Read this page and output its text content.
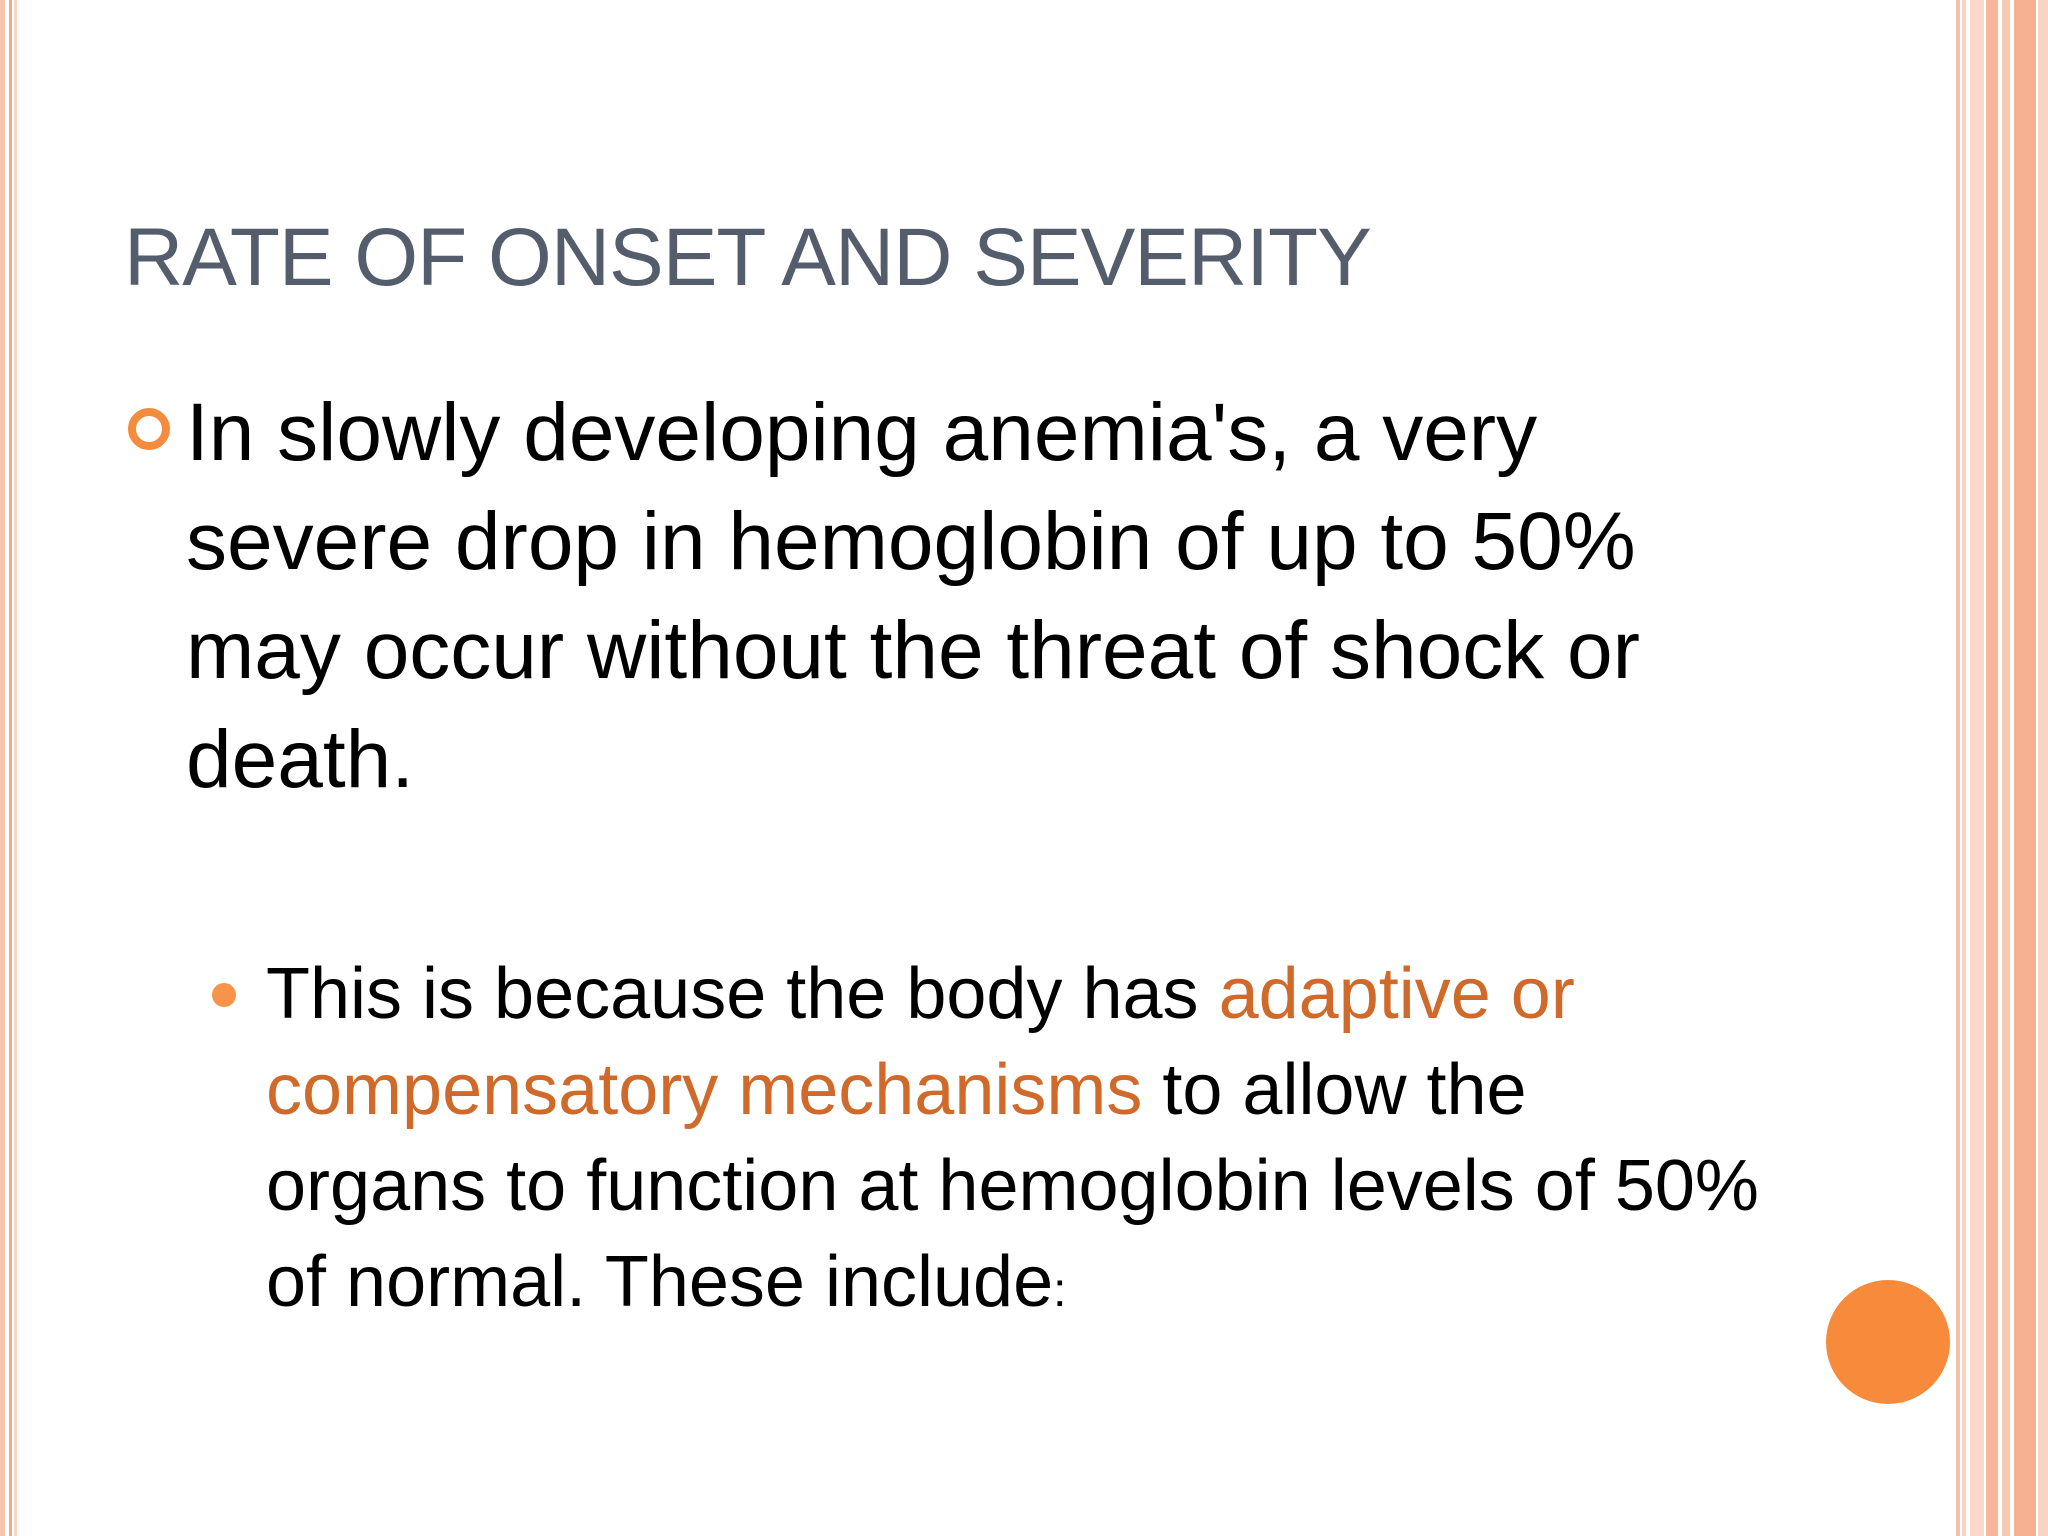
RATE OF ONSET AND SEVERITY
In slowly developing anemia's, a very severe drop in hemoglobin of up to 50% may occur without the threat of shock or death.
This is because the body has adaptive or compensatory mechanisms to allow the organs to function at hemoglobin levels of 50% of normal. These include:
